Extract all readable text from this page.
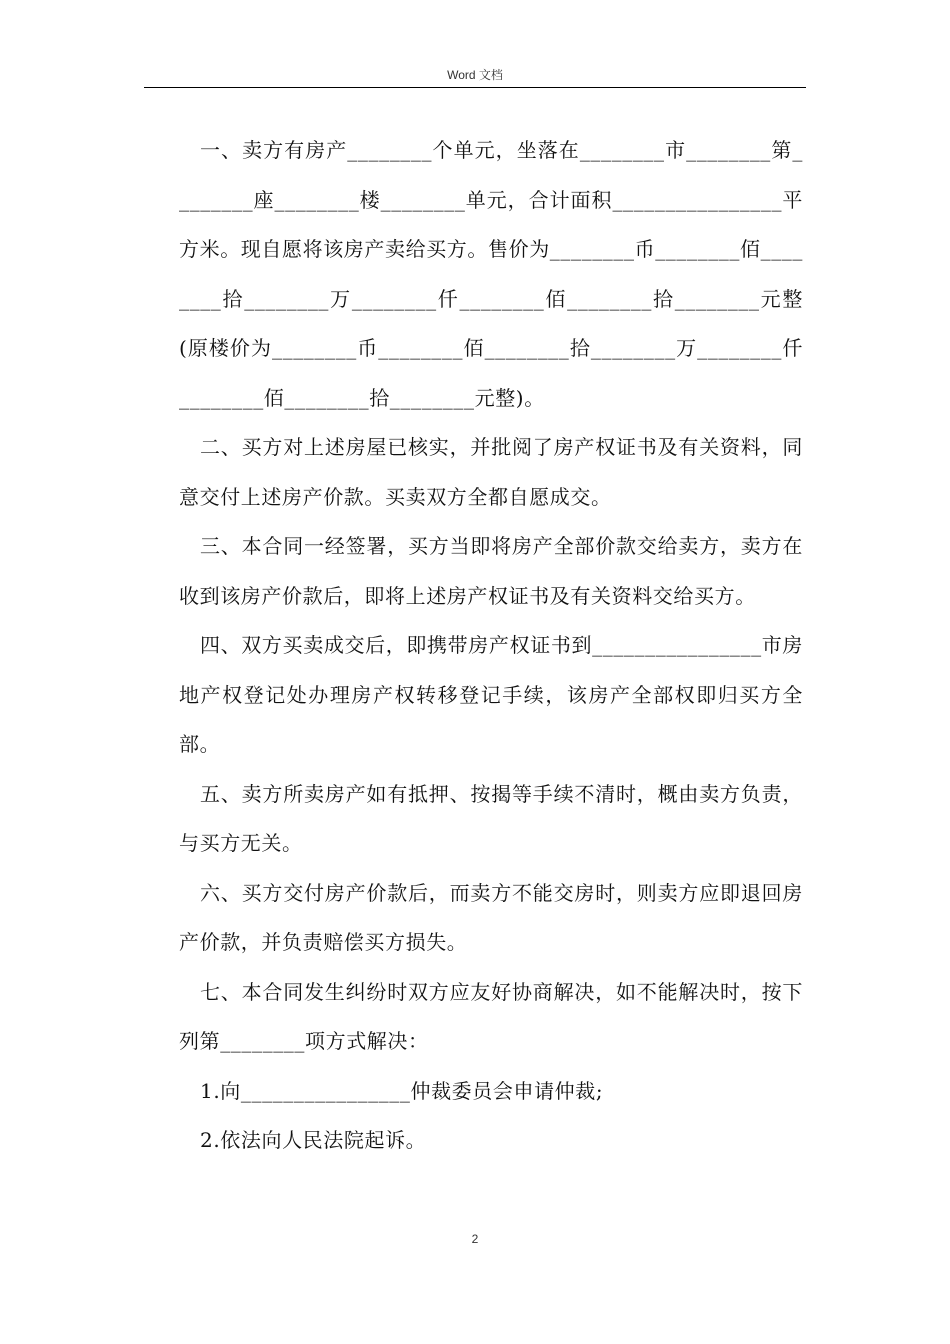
Word 文档

一、卖方有房产________个单元，坐落在________市________第________座________楼________单元，合计面积________________平方米。现自愿将该房产卖给买方。售价为________币________佰________拾________万________仟________佰________拾________元整(原楼价为________币________佰________拾________万________仟________佰________拾________元整)。

二、买方对上述房屋已核实，并批阅了房产权证书及有关资料，同意交付上述房产价款。买卖双方全都自愿成交。

三、本合同一经签署，买方当即将房产全部价款交给卖方，卖方在收到该房产价款后，即将上述房产权证书及有关资料交给买方。

四、双方买卖成交后，即携带房产权证书到________________市房地产权登记处办理房产权转移登记手续，该房产全部权即归买方全部。

五、卖方所卖房产如有抵押、按揭等手续不清时，概由卖方负责，与买方无关。

六、买方交付房产价款后，而卖方不能交房时，则卖方应即退回房产价款，并负责赔偿买方损失。

七、本合同发生纠纷时双方应友好协商解决，如不能解决时，按下列第________项方式解决：

1.向________________仲裁委员会申请仲裁;

2.依法向人民法院起诉。

2
